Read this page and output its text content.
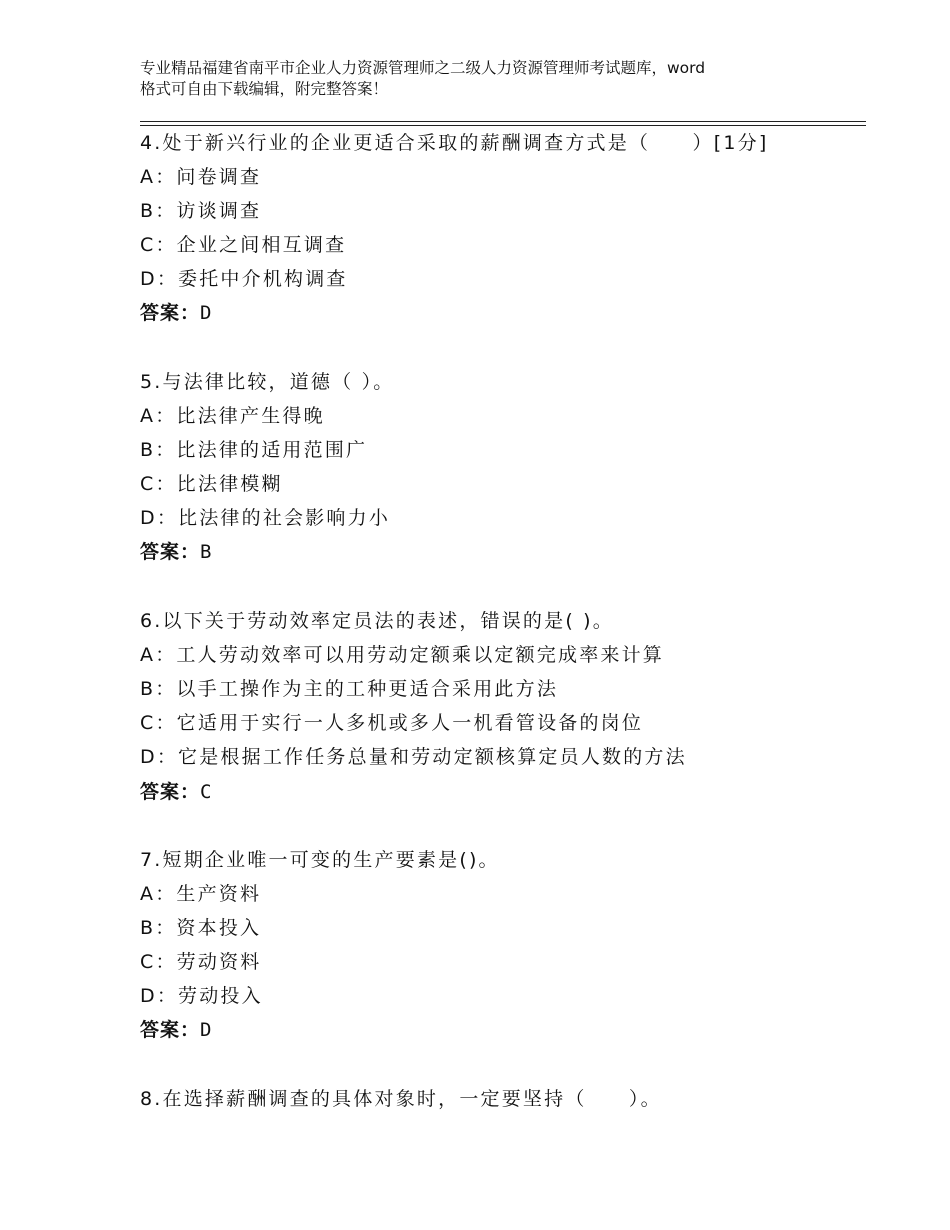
专业精品福建省南平市企业人力资源管理师之二级人力资源管理师考试题库，word
格式可自由下载编辑，附完整答案！
4.处于新兴行业的企业更适合采取的薪酬调查方式是（　　）[1分]
A：问卷调查
B：访谈调查
C：企业之间相互调查
D：委托中介机构调查
答案：D
5.与法律比较，道德（ ）。
A：比法律产生得晚
B：比法律的适用范围广
C：比法律模糊
D：比法律的社会影响力小
答案：B
6.以下关于劳动效率定员法的表述，错误的是( )。
A：工人劳动效率可以用劳动定额乘以定额完成率来计算
B：以手工操作为主的工种更适合采用此方法
C：它适用于实行一人多机或多人一机看管设备的岗位
D：它是根据工作任务总量和劳动定额核算定员人数的方法
答案：C
7.短期企业唯一可变的生产要素是()。
A：生产资料
B：资本投入
C：劳动资料
D：劳动投入
答案：D
8.在选择薪酬调查的具体对象时，一定要坚持（　　）。
